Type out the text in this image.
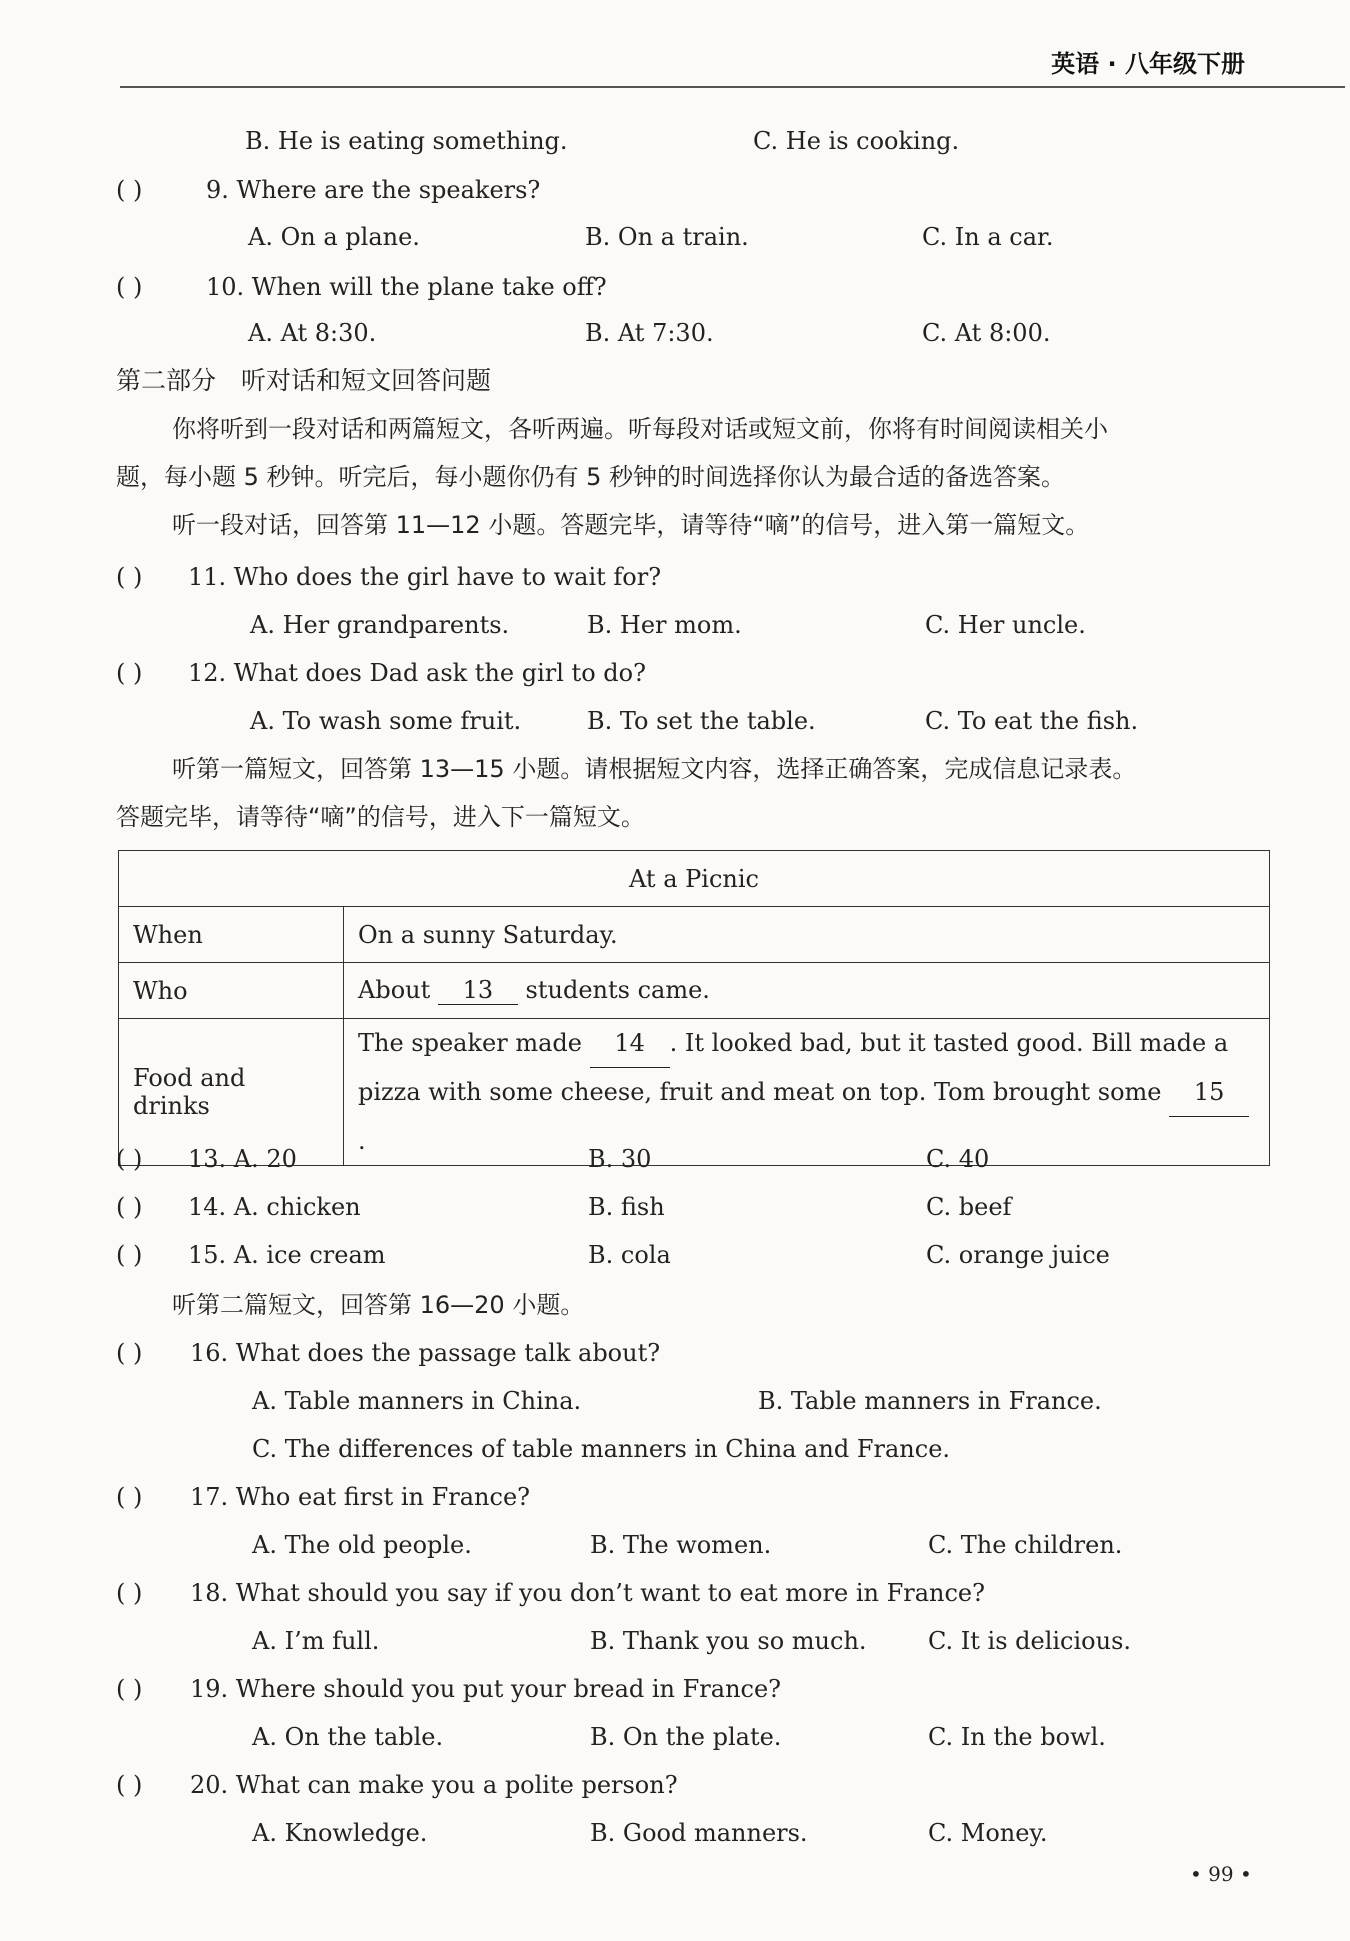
英语 · 八年级下册
B. He is eating something.	C. He is cooking.
( )	9. Where are the speakers?
A. On a plane.	B. On a train.	C. In a car.
( )	10. When will the plane take off?
A. At 8:30.	B. At 7:30.	C. At 8:00.
第二部分　听对话和短文回答问题
你将听到一段对话和两篇短文，各听两遍。听每段对话或短文前，你将有时间阅读相关小
题，每小题 5 秒钟。听完后，每小题你仍有 5 秒钟的时间选择你认为最合适的备选答案。
听一段对话，回答第 11—12 小题。答题完毕，请等待“嘀”的信号，进入第一篇短文。
( ) 11. Who does the girl have to wait for?
A. Her grandparents.	B. Her mom.	C. Her uncle.
( ) 12. What does Dad ask the girl to do?
A. To wash some fruit.	B. To set the table.	C. To eat the fish.
听第一篇短文，回答第 13—15 小题。请根据短文内容，选择正确答案，完成信息记录表。
答题完毕，请等待“嘀”的信号，进入下一篇短文。
At a Picnic	
When	On a sunny Saturday.
Who	About 13 students came.
Food and drinks	The speaker made 14 . It looked bad, but it tasted good. Bill made a
pizza with some cheese, fruit and meat on top. Tom brought some 15.
( ) 13. A. 20	B. 30	C. 40
( ) 14. A. chicken	B. fish	C. beef
( ) 15. A. ice cream	B. cola	C. orange juice
听第二篇短文，回答第 16—20 小题。
( ) 16. What does the passage talk about?
A. Table manners in China.	B. Table manners in France.
C. The differences of table manners in China and France.
( ) 17. Who eat first in France?
A. The old people.	B. The women.	C. The children.
( ) 18. What should you say if you don’t want to eat more in France?
A. I’m full.	B. Thank you so much.	C. It is delicious.
( ) 19. Where should you put your bread in France?
A. On the table.	B. On the plate.	C. In the bowl.
( ) 20. What can make you a polite person?
A. Knowledge.	B. Good manners.	C. Money.
• 99 •
